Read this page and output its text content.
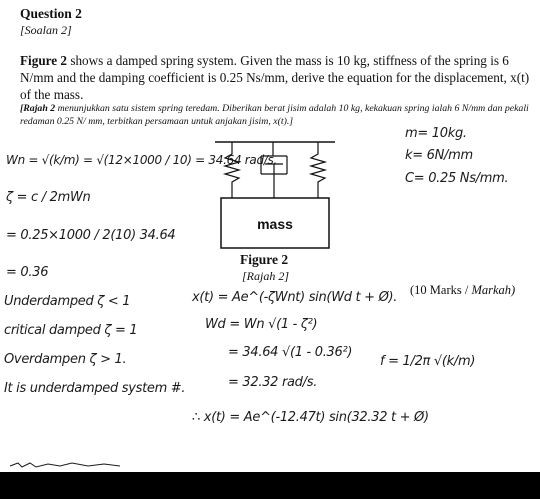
Question 2
[Soalan 2]
Figure 2 shows a damped spring system. Given the mass is 10 kg, stiffness of the spring is 6 N/mm and the damping coefficient is 0.25 Ns/mm, derive the equation for the displacement, x(t) of the mass.
[Rajah 2 menunjukkan satu sistem spring teredam. Diberikan berat jisim adalah 10 kg, kekakuan spring ialah 6 N/mm dan pekali redaman 0.25 N/ mm, terbitkan persamaan untuk anjakan jisim, x(t).]
mass
Figure 2
[Rajah 2]
(10 Marks / Markah)
m= 10kg.
k= 6N/mm
C= 0.25 Ns/mm.
Wn = √(k/m) = √(12×1000 / 10) = 34.64 rad/s.
ζ = c / 2mWn
= 0.25×1000 / 2(10) 34.64
= 0.36
Underdamped ζ < 1
critical damped ζ = 1
Overdampen ζ > 1.
It is underdamped system #.
x(t) = Ae^(-ζWnt) sin(Wd t + Ø).
Wd = Wn √(1 - ζ²)
= 34.64 √(1 - 0.36²)
= 32.32 rad/s.
∴ x(t) = Ae^(-12.47t) sin(32.32 t + Ø)
f = 1/2π √(k/m)
